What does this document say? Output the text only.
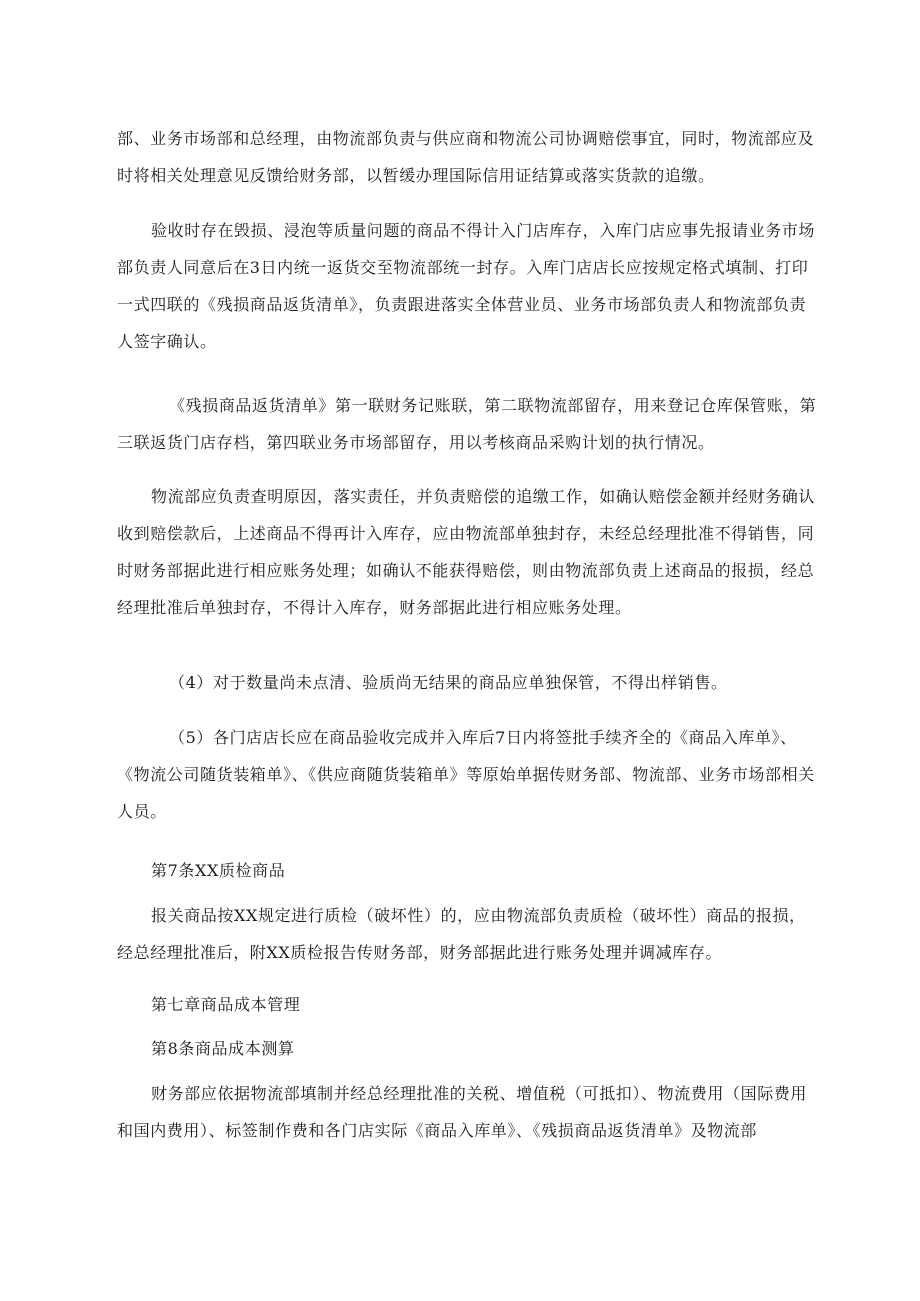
部、业务市场部和总经理，由物流部负责与供应商和物流公司协调赔偿事宜，同时，物流部应及时将相关处理意见反馈给财务部，以暂缓办理国际信用证结算或落实货款的追缴。

验收时存在毁损、浸泡等质量问题的商品不得计入门店库存，入库门店应事先报请业务市场部负责人同意后在3日内统一返货交至物流部统一封存。入库门店店长应按规定格式填制、打印一式四联的《残损商品返货清单》，负责跟进落实全体营业员、业务市场部负责人和物流部负责人签字确认。

《残损商品返货清单》第一联财务记账联，第二联物流部留存，用来登记仓库保管账，第三联返货门店存档，第四联业务市场部留存，用以考核商品采购计划的执行情况。

物流部应负责查明原因，落实责任，并负责赔偿的追缴工作，如确认赔偿金额并经财务确认收到赔偿款后，上述商品不得再计入库存，应由物流部单独封存，未经总经理批准不得销售，同时财务部据此进行相应账务处理；如确认不能获得赔偿，则由物流部负责上述商品的报损，经总经理批准后单独封存，不得计入库存，财务部据此进行相应账务处理。

（4）对于数量尚未点清、验质尚无结果的商品应单独保管，不得出样销售。

（5）各门店店长应在商品验收完成并入库后7日内将签批手续齐全的《商品入库单》、《物流公司随货装箱单》、《供应商随货装箱单》等原始单据传财务部、物流部、业务市场部相关人员。

第7条XX质检商品

报关商品按XX规定进行质检（破坏性）的，应由物流部负责质检（破坏性）商品的报损，经总经理批准后，附XX质检报告传财务部，财务部据此进行账务处理并调减库存。

第七章商品成本管理

第8条商品成本测算

财务部应依据物流部填制并经总经理批准的关税、增值税（可抵扣）、物流费用（国际费用和国内费用）、标签制作费和各门店实际《商品入库单》、《残损商品返货清单》及物流部
